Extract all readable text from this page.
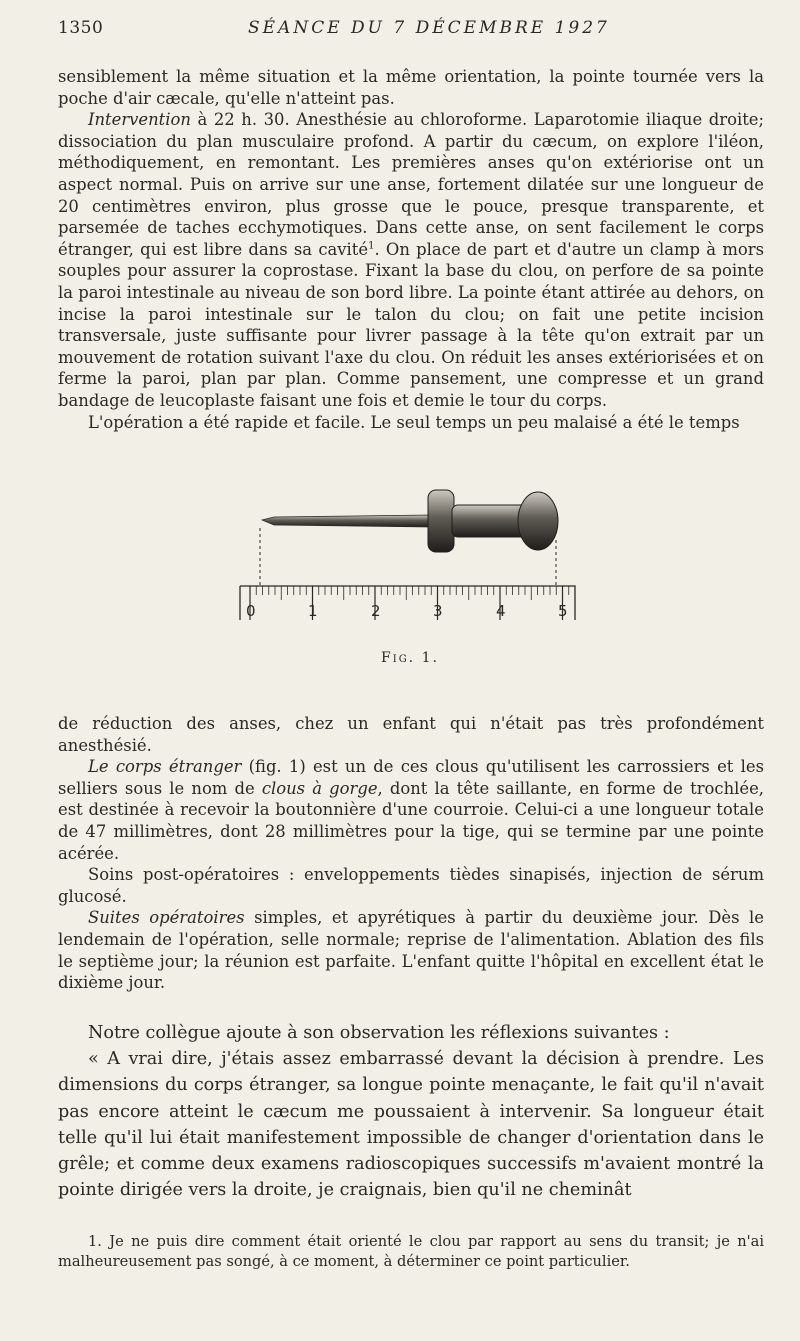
1350	SÉANCE DU 7 DÉCEMBRE 1927

sensiblement la même situation et la même orientation, la pointe tournée vers la poche d'air cæcale, qu'elle n'atteint pas.

Intervention à 22 h. 30. Anesthésie au chloroforme. Laparotomie iliaque droite; dissociation du plan musculaire profond. A partir du cæcum, on explore l'iléon, méthodiquement, en remontant. Les premières anses qu'on extériorise ont un aspect normal. Puis on arrive sur une anse, fortement dilatée sur une longueur de 20 centimètres environ, plus grosse que le pouce, presque transparente, et parsemée de taches ecchymotiques. Dans cette anse, on sent facilement le corps étranger, qui est libre dans sa cavité$^1$. On place de part et d'autre un clamp à mors souples pour assurer la coprostase. Fixant la base du clou, on perfore de sa pointe la paroi intestinale au niveau de son bord libre. La pointe étant attirée au dehors, on incise la paroi intestinale sur le talon du clou; on fait une petite incision transversale, juste suffisante pour livrer passage à la tête qu'on extrait par un mouvement de rotation suivant l'axe du clou. On réduit les anses extériorisées et on ferme la paroi, plan par plan. Comme pansement, une compresse et un grand bandage de leucoplaste faisant une fois et demie le tour du corps.

L'opération a été rapide et facile. Le seul temps un peu malaisé a été le temps

0	1	2	3	4	5
Fig. 1.

de réduction des anses, chez un enfant qui n'était pas très profondément anesthésié.

Le corps étranger (fig. 1) est un de ces clous qu'utilisent les carrossiers et les selliers sous le nom de clous à gorge, dont la tête saillante, en forme de trochlée, est destinée à recevoir la boutonnière d'une courroie. Celui-ci a une longueur totale de 47 millimètres, dont 28 millimètres pour la tige, qui se termine par une pointe acérée.

Soins post-opératoires : enveloppements tièdes sinapisés, injection de sérum glucosé.

Suites opératoires simples, et apyrétiques à partir du deuxième jour. Dès le lendemain de l'opération, selle normale; reprise de l'alimentation. Ablation des fils le septième jour; la réunion est parfaite. L'enfant quitte l'hôpital en excellent état le dixième jour.

Notre collègue ajoute à son observation les réflexions suivantes :

« A vrai dire, j'étais assez embarrassé devant la décision à prendre. Les dimensions du corps étranger, sa longue pointe menaçante, le fait qu'il n'avait pas encore atteint le cæcum me poussaient à intervenir. Sa longueur était telle qu'il lui était manifestement impossible de changer d'orientation dans le grêle; et comme deux examens radioscopiques successifs m'avaient montré la pointe dirigée vers la droite, je craignais, bien qu'il ne cheminât

1. Je ne puis dire comment était orienté le clou par rapport au sens du transit; je n'ai malheureusement pas songé, à ce moment, à déterminer ce point particulier.
